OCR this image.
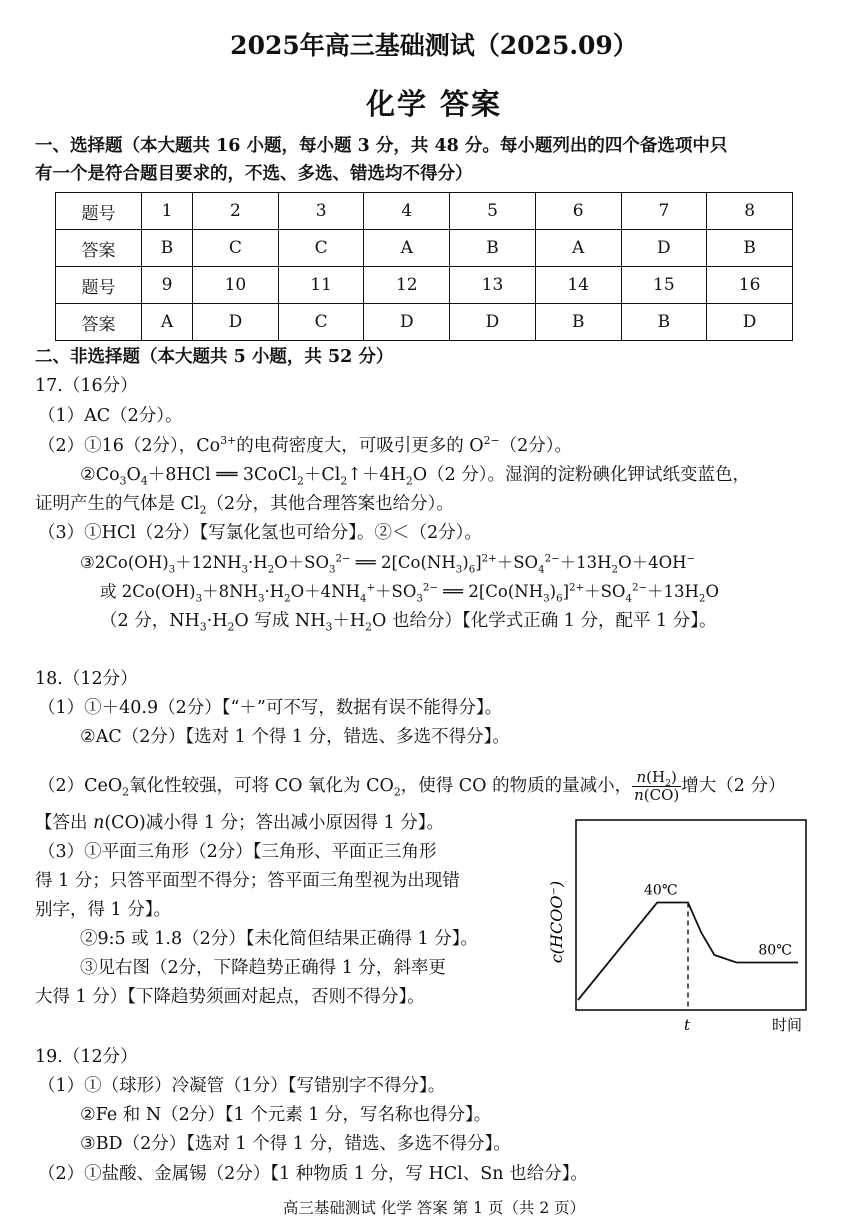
2025年高三基础测试（2025.09）
化学 答案
一、选择题（本大题共 16 小题，每小题 3 分，共 48 分。每小题列出的四个备选项中只
有一个是符合题目要求的，不选、多选、错选均不得分）
题号	1	2	3	4	5	6	7	8
答案	B	C	C	A	B	A	D	B
题号	9	10	11	12	13	14	15	16
答案	A	D	C	D	D	B	B	D
二、非选择题（本大题共 5 小题，共 52 分）
17.（16分）
（1）AC（2分）。
（2）①16（2分），$Co^{3+}$的电荷密度大，可吸引更多的 $O^{2-}(2$分）。
$②Co_3O_4+8HCl$ ══ $3CoCl_2+Cl_2↑+4H_2O(2$ 分）。湿润的淀粉碘化钾试纸变蓝色，
证明产生的气体是 $Cl_2(2$分，其他合理答案也给分）。
（3）①HCl（2分）【写氯化氢也可给分】。②＜（2分）。
$③2Co(OH)_3+12NH_3\cdot H_2O+SO_3^{2-}$ ══ $2[Co(NH_3)_6]^{2+}+SO_4^{2-}+13H_2O+4OH^-$
或 $2Co(OH)_3+8NH_3\cdot H_2O+4NH_4^++SO_3^{2-}$ ══ $2[Co(NH_3)_6]^{2+}+SO_4^{2-}+13H_2O$
（2 分，$NH_3\cdot H_2O$ 写成 $NH_3+H_2O$ 也给分）【化学式正确 1 分，配平 1 分】。
18.（12分）
（1）①＋40.9（2分）【“＋”可不写，数据有误不能得分】。
②AC（2分）【选对 1 个得 1 分，错选、多选不得分】。
（2）CeO$_2$氧化性较强，可将 CO 氧化为 $CO_2$，使得 CO 的物质的量减小， $\frac{n(H_2)}{n(CO)}$ 增大（2 分）
【答出 n(CO)减小得 1 分；答出减小原因得 1 分】。
（3）①平面三角形（2分）【三角形、平面正三角形
得 1 分；只答平面型不得分；答平面三角型视为出现错
别字，得 1 分】。
②9:5 或 1.8（2分）【未化简但结果正确得 1 分】。
③见右图（2分，下降趋势正确得 1 分，斜率更
大得 1 分）【下降趋势须画对起点，否则不得分】。
c(HCOO⁻)	40℃
80℃
t	时间
19.（12分）
（1）①（球形）冷凝管（1分）【写错别字不得分】。
②Fe 和 N（2分）【1 个元素 1 分，写名称也得分】。
③BD（2分）【选对 1 个得 1 分，错选、多选不得分】。
（2）①盐酸、金属锡（2分）【1 种物质 1 分，写 HCl、Sn 也给分】。
高三基础测试 化学 答案 第 1 页（共 2 页）
